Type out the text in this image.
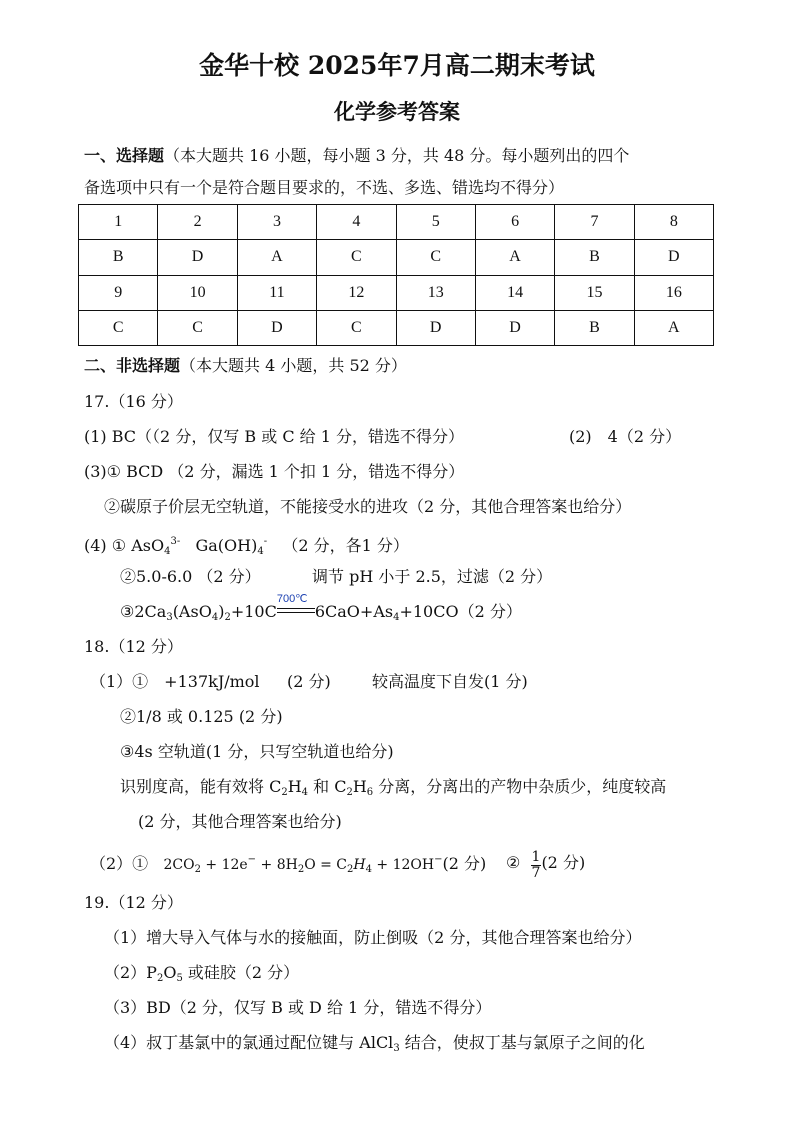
金华十校 2025年7月高二期末考试
化学参考答案
一、选择题（本大题共 16 小题，每小题 3 分，共 48 分。每小题列出的四个
备选项中只有一个是符合题目要求的，不选、多选、错选均不得分）
1	2	3	4	5	6	7	8
B	D	A	C	C	A	B	D
9	10	11	12	13	14	15	16
C	C	D	C	D	D	B	A
二、非选择题（本大题共 4 小题，共 52 分）
17.（16 分）
(1) BC（（2 分，仅写 B 或 C 给 1 分，错选不得分）	(2)　4（2 分）
(3)① BCD （2 分，漏选 1 个扣 1 分，错选不得分）
②碳原子价层无空轨道，不能接受水的进攻（2 分，其他合理答案也给分）
(4) ① AsO$_4^{3-}$ $Ga(OH)_4^-$ （2 分，各1 分）
②5.0-6.0 （2 分）	调节 pH 小于 2.5，过滤（2 分）
$③2Ca_3(AsO_4)_2+10C$
700℃
$6CaO+As_4+10CO(2$ 分）
18.（12 分）
（1）①　+137kJ/mol (2 分)	较高温度下自发(1 分)
②1/8 或 0.125 (2 分)
③4s 空轨道(1 分，只写空轨道也给分)
识别度高，能有效将 $C_2H_4$ 和 $C_2H_6$ 分离，分离出的产物中杂质少，纯度较高
(2 分，其他合理答案也给分)
（2）① $2CO_2 + 12e^- + 8H_2O = C_2H_4 + 12OH^-(2$ 分) ② $\frac{1}{7} (2$ 分)
19.（12 分）
（1）增大导入气体与水的接触面，防止倒吸（2 分，其他合理答案也给分）
$(2)P_2O_5$ 或硅胶（2 分）
（3）BD（2 分，仅写 B 或 D 给 1 分，错选不得分）
（4）叔丁基氯中的氯通过配位键与 AlCl$_3$ 结合，使叔丁基与氯原子之间的化
